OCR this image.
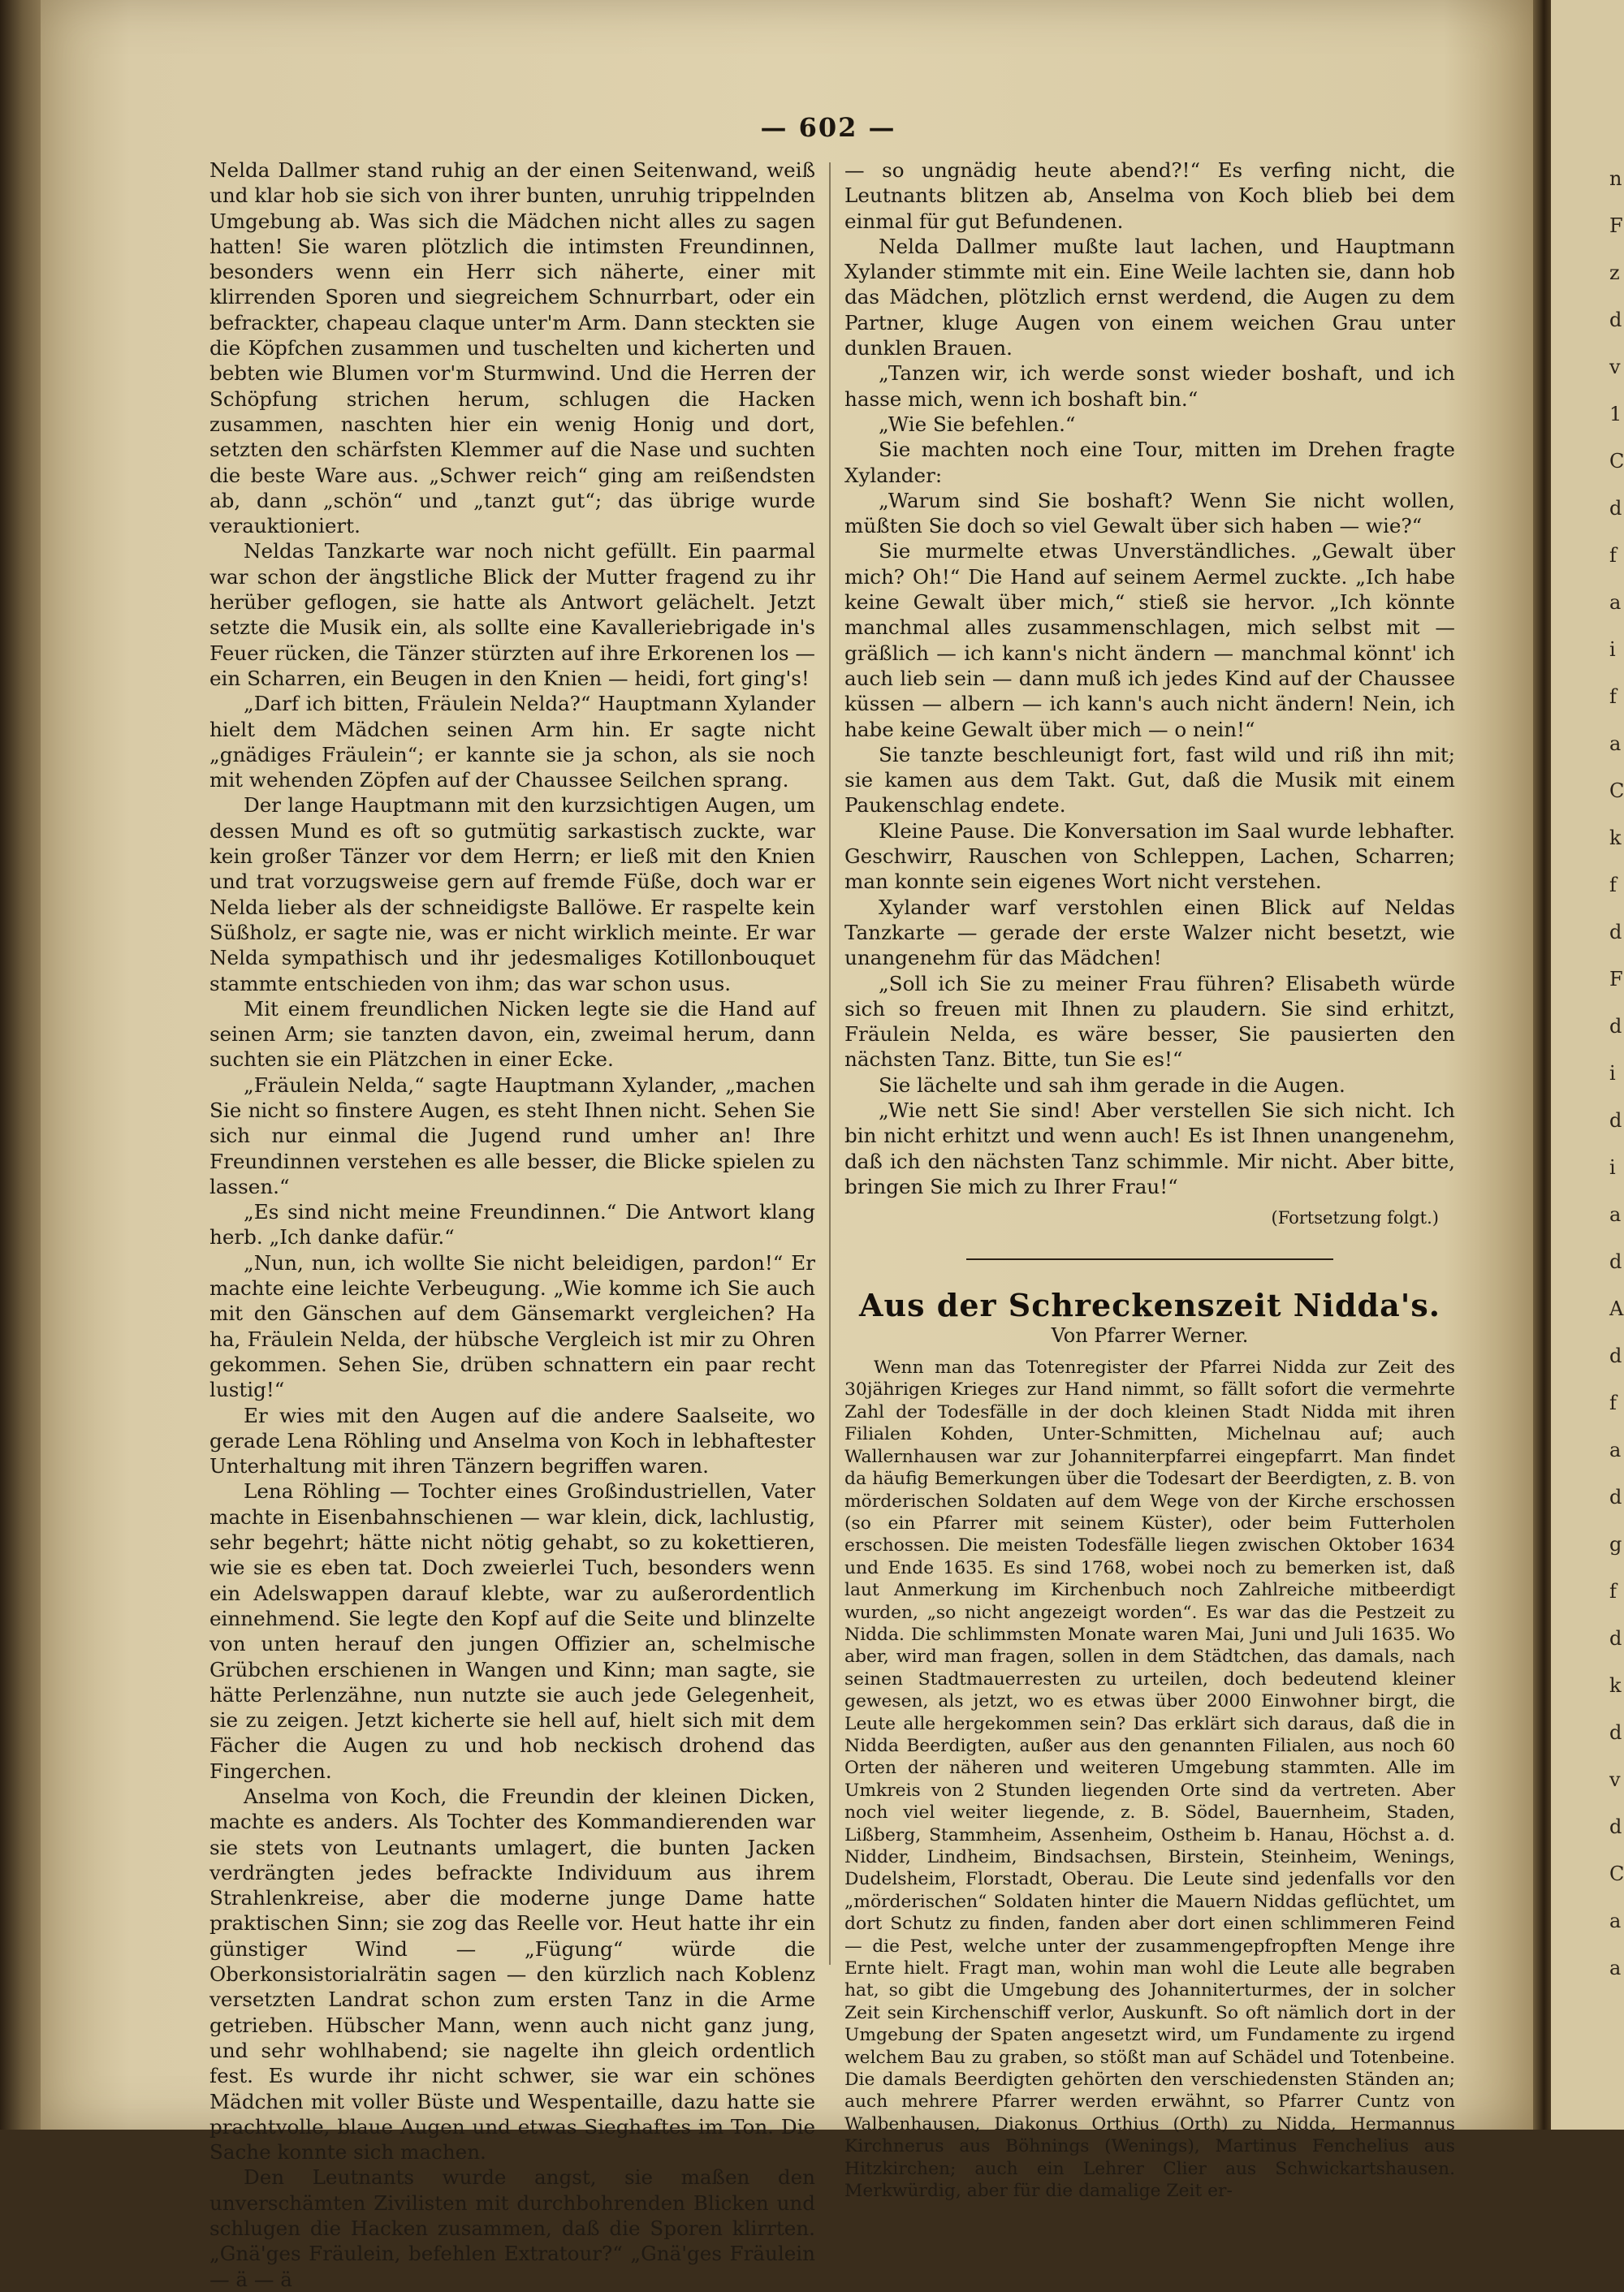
n
F
z
d
v
1
C
d
f
a
i
f
a
C
k
f
d
F
d
i
d
i
a
d
A
d
f
a
d
g
f
d
k
d
v
d
C
a
a
— 602 —

Nelda Dallmer stand ruhig an der einen Seitenwand, weiß und klar hob sie sich von ihrer bunten, unruhig trippelnden Umgebung ab. Was sich die Mädchen nicht alles zu sagen hatten! Sie waren plötzlich die intimsten Freundinnen, besonders wenn ein Herr sich näherte, einer mit klirrenden Sporen und siegreichem Schnurrbart, oder ein befrackter, chapeau claque unter'm Arm. Dann steckten sie die Köpfchen zusammen und tuschelten und kicherten und bebten wie Blumen vor'm Sturmwind. Und die Herren der Schöpfung strichen herum, schlugen die Hacken zusammen, naschten hier ein wenig Honig und dort, setzten den schärfsten Klemmer auf die Nase und suchten die beste Ware aus. „Schwer reich“ ging am reißendsten ab, dann „schön“ und „tanzt gut“; das übrige wurde verauktioniert.

Neldas Tanzkarte war noch nicht gefüllt. Ein paarmal war schon der ängstliche Blick der Mutter fragend zu ihr herüber geflogen, sie hatte als Antwort gelächelt. Jetzt setzte die Musik ein, als sollte eine Kavalleriebrigade in's Feuer rücken, die Tänzer stürzten auf ihre Erkorenen los — ein Scharren, ein Beugen in den Knien — heidi, fort ging's!

„Darf ich bitten, Fräulein Nelda?“ Hauptmann Xylander hielt dem Mädchen seinen Arm hin. Er sagte nicht „gnädiges Fräulein“; er kannte sie ja schon, als sie noch mit wehenden Zöpfen auf der Chaussee Seilchen sprang.

Der lange Hauptmann mit den kurzsichtigen Augen, um dessen Mund es oft so gutmütig sarkastisch zuckte, war kein großer Tänzer vor dem Herrn; er ließ mit den Knien und trat vorzugsweise gern auf fremde Füße, doch war er Nelda lieber als der schneidigste Ballöwe. Er raspelte kein Süßholz, er sagte nie, was er nicht wirklich meinte. Er war Nelda sympathisch und ihr jedesmaliges Kotillonbouquet stammte entschieden von ihm; das war schon usus.

Mit einem freundlichen Nicken legte sie die Hand auf seinen Arm; sie tanzten davon, ein, zweimal herum, dann suchten sie ein Plätzchen in einer Ecke.

„Fräulein Nelda,“ sagte Hauptmann Xylander, „machen Sie nicht so finstere Augen, es steht Ihnen nicht. Sehen Sie sich nur einmal die Jugend rund umher an! Ihre Freundinnen verstehen es alle besser, die Blicke spielen zu lassen.“

„Es sind nicht meine Freundinnen.“ Die Antwort klang herb. „Ich danke dafür.“

„Nun, nun, ich wollte Sie nicht beleidigen, pardon!“ Er machte eine leichte Verbeugung. „Wie komme ich Sie auch mit den Gänschen auf dem Gänsemarkt vergleichen? Ha ha, Fräulein Nelda, der hübsche Vergleich ist mir zu Ohren gekommen. Sehen Sie, drüben schnattern ein paar recht lustig!“

Er wies mit den Augen auf die andere Saalseite, wo gerade Lena Röhling und Anselma von Koch in lebhaftester Unterhaltung mit ihren Tänzern begriffen waren.

Lena Röhling — Tochter eines Großindustriellen, Vater machte in Eisenbahnschienen — war klein, dick, lachlustig, sehr begehrt; hätte nicht nötig gehabt, so zu kokettieren, wie sie es eben tat. Doch zweierlei Tuch, besonders wenn ein Adelswappen darauf klebte, war zu außerordentlich einnehmend. Sie legte den Kopf auf die Seite und blinzelte von unten herauf den jungen Offizier an, schelmische Grübchen erschienen in Wangen und Kinn; man sagte, sie hätte Perlenzähne, nun nutzte sie auch jede Gelegenheit, sie zu zeigen. Jetzt kicherte sie hell auf, hielt sich mit dem Fächer die Augen zu und hob neckisch drohend das Fingerchen.

Anselma von Koch, die Freundin der kleinen Dicken, machte es anders. Als Tochter des Kommandierenden war sie stets von Leutnants umlagert, die bunten Jacken verdrängten jedes befrackte Individuum aus ihrem Strahlenkreise, aber die moderne junge Dame hatte praktischen Sinn; sie zog das Reelle vor. Heut hatte ihr ein günstiger Wind — „Fügung“ würde die Oberkonsistorialrätin sagen — den kürzlich nach Koblenz versetzten Landrat schon zum ersten Tanz in die Arme getrieben. Hübscher Mann, wenn auch nicht ganz jung, und sehr wohlhabend; sie nagelte ihn gleich ordentlich fest. Es wurde ihr nicht schwer, sie war ein schönes Mädchen mit voller Büste und Wespentaille, dazu hatte sie prachtvolle, blaue Augen und etwas Sieghaftes im Ton. Die Sache konnte sich machen.

Den Leutnants wurde angst, sie maßen den unverschämten Zivilisten mit durchbohrenden Blicken und schlugen die Hacken zusammen, daß die Sporen klirrten. „Gnä'ges Fräulein, befehlen Extratour?“ „Gnä'ges Fräulein — ä — ä

— so ungnädig heute abend?!“ Es verfing nicht, die Leutnants blitzen ab, Anselma von Koch blieb bei dem einmal für gut Befundenen.

Nelda Dallmer mußte laut lachen, und Hauptmann Xylander stimmte mit ein. Eine Weile lachten sie, dann hob das Mädchen, plötzlich ernst werdend, die Augen zu dem Partner, kluge Augen von einem weichen Grau unter dunklen Brauen.

„Tanzen wir, ich werde sonst wieder boshaft, und ich hasse mich, wenn ich boshaft bin.“

„Wie Sie befehlen.“

Sie machten noch eine Tour, mitten im Drehen fragte Xylander:

„Warum sind Sie boshaft? Wenn Sie nicht wollen, müßten Sie doch so viel Gewalt über sich haben — wie?“

Sie murmelte etwas Unverständliches. „Gewalt über mich? Oh!“ Die Hand auf seinem Aermel zuckte. „Ich habe keine Gewalt über mich,“ stieß sie hervor. „Ich könnte manchmal alles zusammenschlagen, mich selbst mit — gräßlich — ich kann's nicht ändern — manchmal könnt' ich auch lieb sein — dann muß ich jedes Kind auf der Chaussee küssen — albern — ich kann's auch nicht ändern! Nein, ich habe keine Gewalt über mich — o nein!“

Sie tanzte beschleunigt fort, fast wild und riß ihn mit; sie kamen aus dem Takt. Gut, daß die Musik mit einem Paukenschlag endete.

Kleine Pause. Die Konversation im Saal wurde lebhafter. Geschwirr, Rauschen von Schleppen, Lachen, Scharren; man konnte sein eigenes Wort nicht verstehen.

Xylander warf verstohlen einen Blick auf Neldas Tanzkarte — gerade der erste Walzer nicht besetzt, wie unangenehm für das Mädchen!

„Soll ich Sie zu meiner Frau führen? Elisabeth würde sich so freuen mit Ihnen zu plaudern. Sie sind erhitzt, Fräulein Nelda, es wäre besser, Sie pausierten den nächsten Tanz. Bitte, tun Sie es!“

Sie lächelte und sah ihm gerade in die Augen.

„Wie nett Sie sind! Aber verstellen Sie sich nicht. Ich bin nicht erhitzt und wenn auch! Es ist Ihnen unangenehm, daß ich den nächsten Tanz schimmle. Mir nicht. Aber bitte, bringen Sie mich zu Ihrer Frau!“

(Fortsetzung folgt.)
Aus der Schreckenszeit Nidda's.
Von Pfarrer Werner.

Wenn man das Totenregister der Pfarrei Nidda zur Zeit des 30jährigen Krieges zur Hand nimmt, so fällt sofort die vermehrte Zahl der Todesfälle in der doch kleinen Stadt Nidda mit ihren Filialen Kohden, Unter-Schmitten, Michelnau auf; auch Wallernhausen war zur Johanniterpfarrei eingepfarrt. Man findet da häufig Bemerkungen über die Todesart der Beerdigten, z. B. von mörderischen Soldaten auf dem Wege von der Kirche erschossen (so ein Pfarrer mit seinem Küster), oder beim Futterholen erschossen. Die meisten Todesfälle liegen zwischen Oktober 1634 und Ende 1635. Es sind 1768, wobei noch zu bemerken ist, daß laut Anmerkung im Kirchenbuch noch Zahlreiche mitbeerdigt wurden, „so nicht angezeigt worden“. Es war das die Pestzeit zu Nidda. Die schlimmsten Monate waren Mai, Juni und Juli 1635. Wo aber, wird man fragen, sollen in dem Städtchen, das damals, nach seinen Stadtmauerresten zu urteilen, doch bedeutend kleiner gewesen, als jetzt, wo es etwas über 2000 Einwohner birgt, die Leute alle hergekommen sein? Das erklärt sich daraus, daß die in Nidda Beerdigten, außer aus den genannten Filialen, aus noch 60 Orten der näheren und weiteren Umgebung stammten. Alle im Umkreis von 2 Stunden liegenden Orte sind da vertreten. Aber noch viel weiter liegende, z. B. Södel, Bauernheim, Staden, Lißberg, Stammheim, Assenheim, Ostheim b. Hanau, Höchst a. d. Nidder, Lindheim, Bindsachsen, Birstein, Steinheim, Wenings, Dudelsheim, Florstadt, Oberau. Die Leute sind jedenfalls vor den „mörderischen“ Soldaten hinter die Mauern Niddas geflüchtet, um dort Schutz zu finden, fanden aber dort einen schlimmeren Feind — die Pest, welche unter der zusammengepfropften Menge ihre Ernte hielt. Fragt man, wohin man wohl die Leute alle begraben hat, so gibt die Umgebung des Johanniterturmes, der in solcher Zeit sein Kirchenschiff verlor, Auskunft. So oft nämlich dort in der Umgebung der Spaten angesetzt wird, um Fundamente zu irgend welchem Bau zu graben, so stößt man auf Schädel und Totenbeine. Die damals Beerdigten gehörten den verschiedensten Ständen an; auch mehrere Pfarrer werden erwähnt, so Pfarrer Cuntz von Walbenhausen, Diakonus Orthius (Orth) zu Nidda, Hermannus Kirchnerus aus Böhnings (Wenings), Martinus Fenchelius aus Hitzkirchen; auch ein Lehrer Clier aus Schwickartshausen. Merkwürdig, aber für die damalige Zeit er-
